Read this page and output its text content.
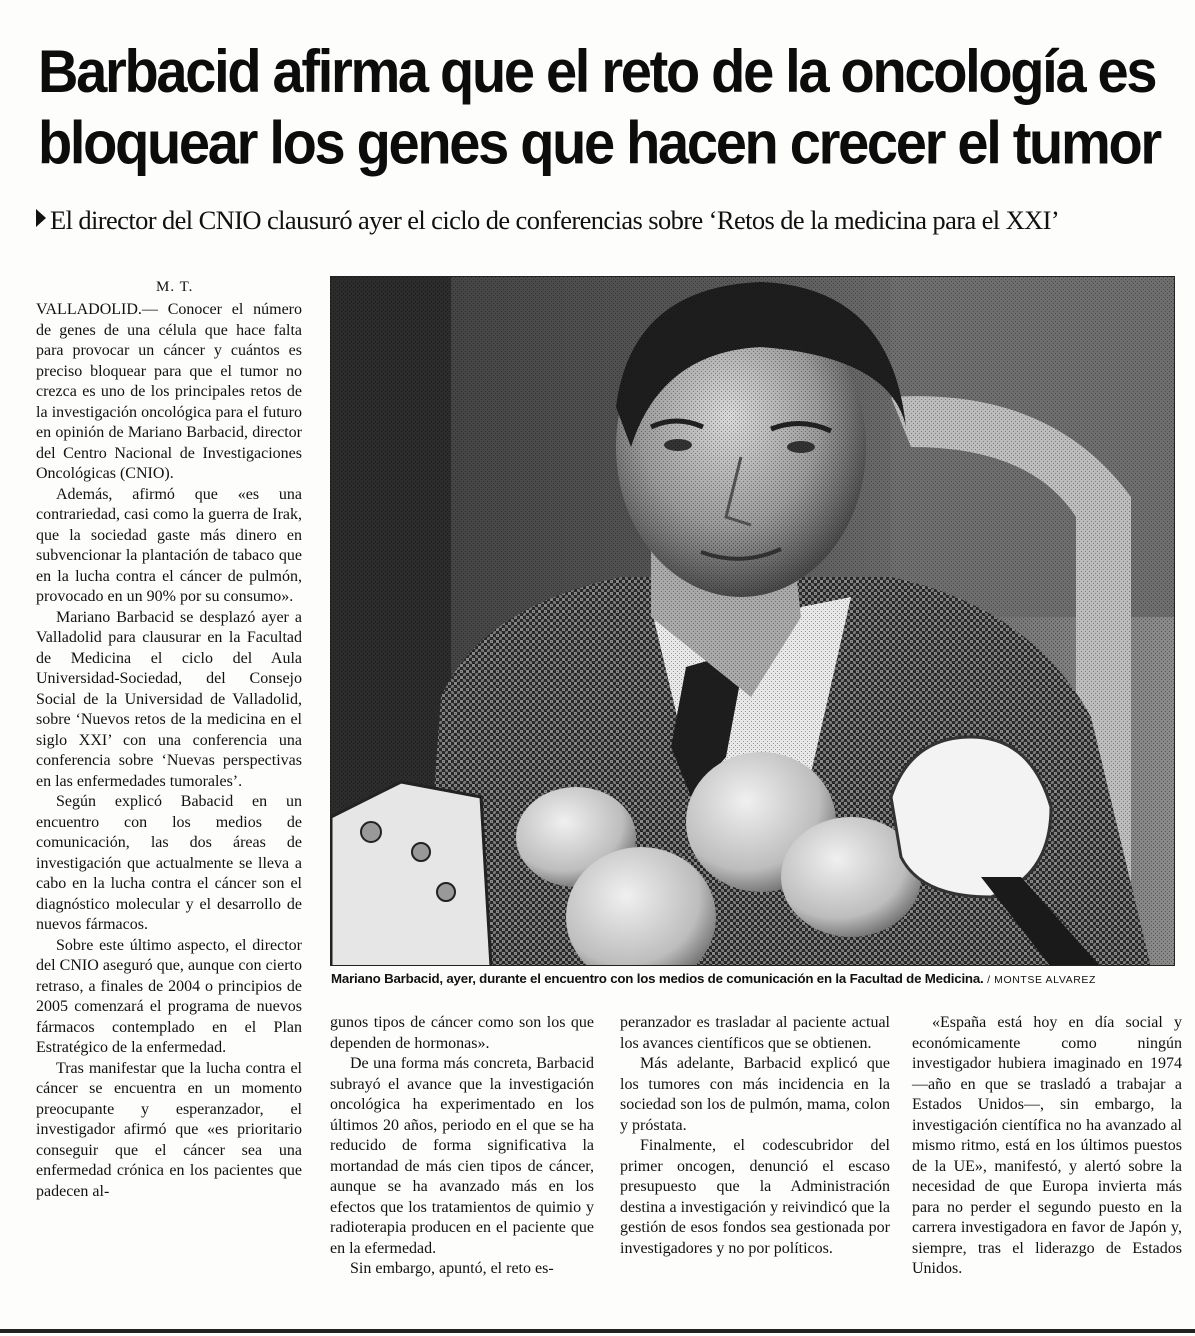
Barbacid afirma que el reto de la oncología es bloquear los genes que hacen crecer el tumor
El director del CNIO clausuró ayer el ciclo de conferencias sobre ‘Retos de la medicina para el XXI’
M. T.

VALLADOLID.— Conocer el número de genes de una célula que hace falta para provocar un cáncer y cuántos es preciso bloquear para que el tumor no crezca es uno de los principales retos de la investigación oncológica para el futuro en opinión de Mariano Barbacid, director del Centro Nacional de Investigaciones Oncológicas (CNIO).

Además, afirmó que «es una contrariedad, casi como la guerra de Irak, que la sociedad gaste más dinero en subvencionar la plantación de tabaco que en la lucha contra el cáncer de pulmón, provocado en un 90% por su consumo».

Mariano Barbacid se desplazó ayer a Valladolid para clausurar en la Facultad de Medicina el ciclo del Aula Universidad-Sociedad, del Consejo Social de la Universidad de Valladolid, sobre ‘Nuevos retos de la medicina en el siglo XXI’ con una conferencia una conferencia sobre ‘Nuevas perspectivas en las enfermedades tumorales’.

Según explicó Babacid en un encuentro con los medios de comunicación, las dos áreas de investigación que actualmente se lleva a cabo en la lucha contra el cáncer son el diagnóstico molecular y el desarrollo de nuevos fármacos.

Sobre este último aspecto, el director del CNIO aseguró que, aunque con cierto retraso, a finales de 2004 o principios de 2005 comenzará el programa de nuevos fármacos contemplado en el Plan Estratégico de la enfermedad.

Tras manifestar que la lucha contra el cáncer se encuentra en un momento preocupante y esperanzador, el investigador afirmó que «es prioritario conseguir que el cáncer sea una enfermedad crónica en los pacientes que padecen al-

Mariano Barbacid, ayer, durante el encuentro con los medios de comunicación en la Facultad de Medicina. / MONTSE ALVAREZ

gunos tipos de cáncer como son los que dependen de hormonas».

De una forma más concreta, Barbacid subrayó el avance que la investigación oncológica ha experimentado en los últimos 20 años, periodo en el que se ha reducido de forma significativa la mortandad de más cien tipos de cáncer, aunque se ha avanzado más en los efectos que los tratamientos de quimio y radioterapia producen en el paciente que en la efermedad.

Sin embargo, apuntó, el reto es-

peranzador es trasladar al paciente actual los avances científicos que se obtienen.

Más adelante, Barbacid explicó que los tumores con más incidencia en la sociedad son los de pulmón, mama, colon y próstata.

Finalmente, el codescubridor del primer oncogen, denunció el escaso presupuesto que la Administración destina a investigación y reivindicó que la gestión de esos fondos sea gestionada por investigadores y no por políticos.

«España está hoy en día social y económicamente como ningún investigador hubiera imaginado en 1974 —año en que se trasladó a trabajar a Estados Unidos—, sin embargo, la investigación científica no ha avanzado al mismo ritmo, está en los últimos puestos de la UE», manifestó, y alertó sobre la necesidad de que Europa invierta más para no perder el segundo puesto en la carrera investigadora en favor de Japón y, siempre, tras el liderazgo de Estados Unidos.
